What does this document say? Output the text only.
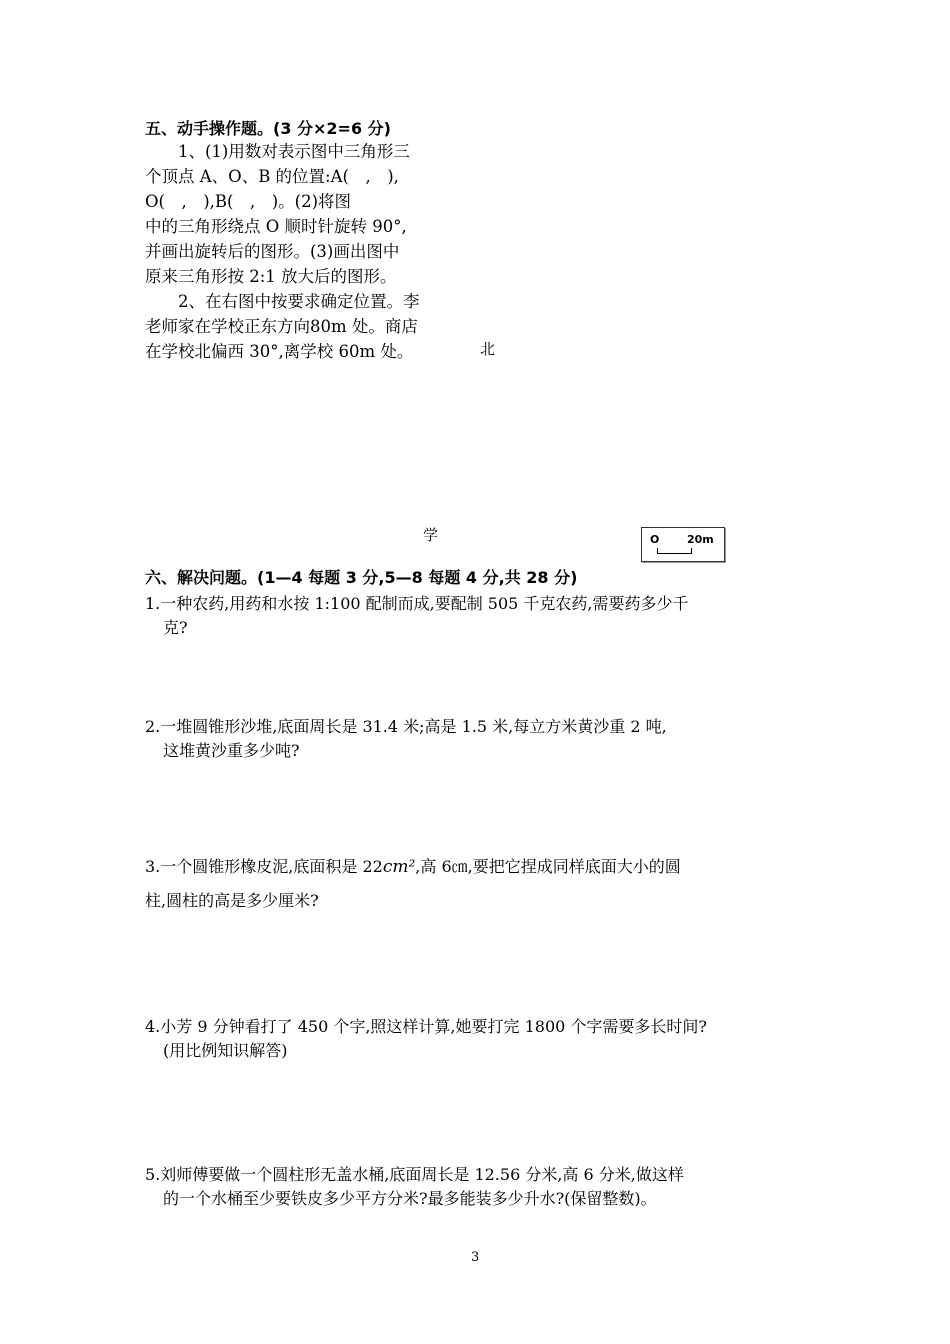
五、动手操作题。(3 分×2=6 分)
　　1、(1)用数对表示图中三角形三
个顶点 A、O、B 的位置:A(　,　),
O(　,　),B(　,　)。(2)将图
中的三角形绕点 O 顺时针旋转 90°,
并画出旋转后的图形。(3)画出图中
原来三角形按 2:1 放大后的图形。
　　2、在右图中按要求确定位置。李
老师家在学校正东方向80m 处。商店
在学校北偏西 30°,离学校 60m 处。	北
学	O	20m
六、解决问题。(1—4 每题 3 分,5—8 每题 4 分,共 28 分)
1.一种农药,用药和水按 1:100 配制而成,要配制 505 千克农药,需要药多少千
克?
2.一堆圆锥形沙堆,底面周长是 31.4 米;高是 1.5 米,每立方米黄沙重 2 吨,
这堆黄沙重多少吨?
3.一个圆锥形橡皮泥,底面积是 22cm²,高 6㎝,要把它捏成同样底面大小的圆
柱,圆柱的高是多少厘米?
4.小芳 9 分钟看打了 450 个字,照这样计算,她要打完 1800 个字需要多长时间?
(用比例知识解答)
5.刘师傅要做一个圆柱形无盖水桶,底面周长是 12.56 分米,高 6 分米,做这样
的一个水桶至少要铁皮多少平方分米?最多能装多少升水?(保留整数)。
3
